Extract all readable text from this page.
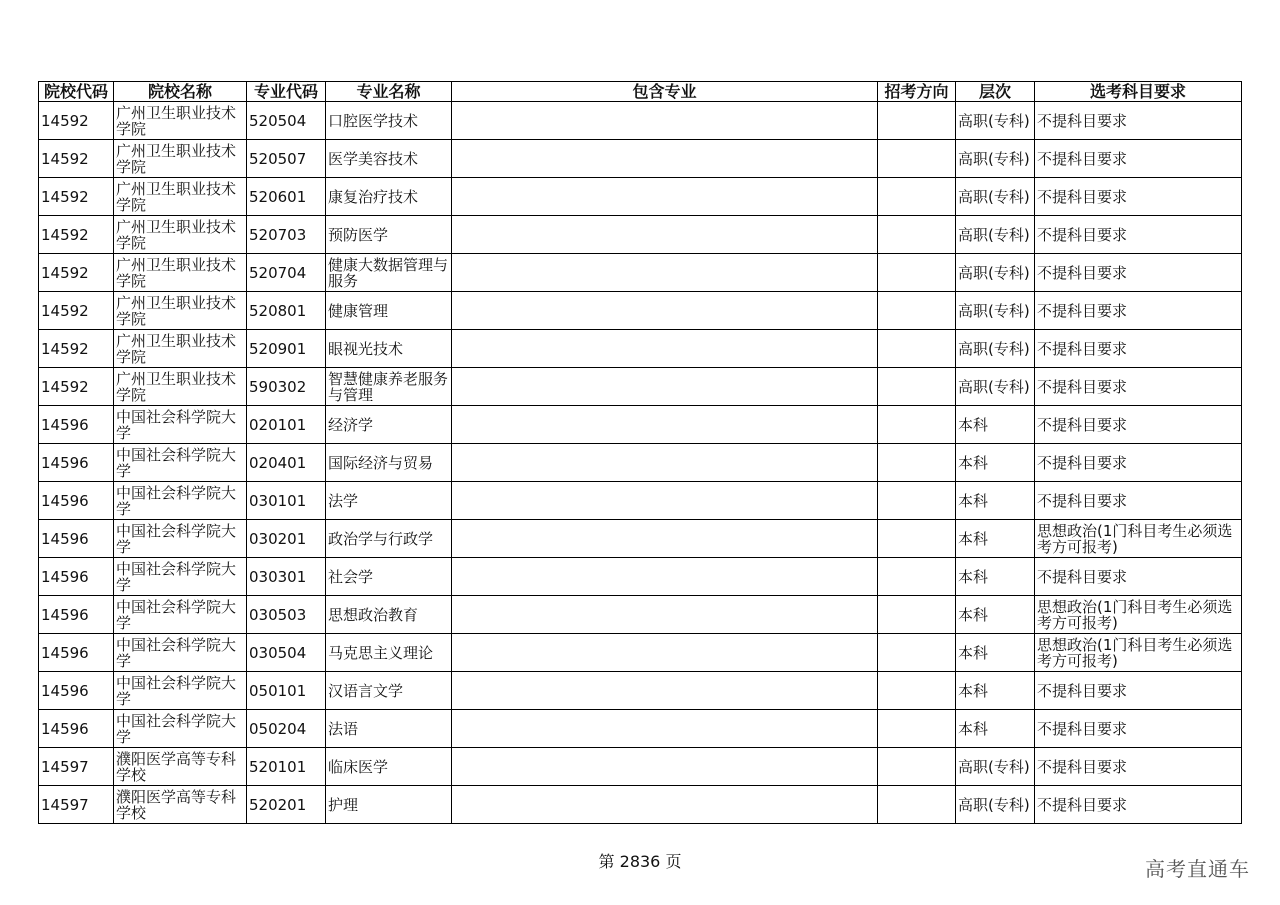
院校代码	院校名称	专业代码	专业名称	包含专业	招考方向	层次	选考科目要求
14592	广州卫生职业技术学院	520504	口腔医学技术			高职(专科)	不提科目要求
14592	广州卫生职业技术学院	520507	医学美容技术			高职(专科)	不提科目要求
14592	广州卫生职业技术学院	520601	康复治疗技术			高职(专科)	不提科目要求
14592	广州卫生职业技术学院	520703	预防医学			高职(专科)	不提科目要求
14592	广州卫生职业技术学院	520704	健康大数据管理与服务			高职(专科)	不提科目要求
14592	广州卫生职业技术学院	520801	健康管理			高职(专科)	不提科目要求
14592	广州卫生职业技术学院	520901	眼视光技术			高职(专科)	不提科目要求
14592	广州卫生职业技术学院	590302	智慧健康养老服务与管理			高职(专科)	不提科目要求
14596	中国社会科学院大学	020101	经济学			本科	不提科目要求
14596	中国社会科学院大学	020401	国际经济与贸易			本科	不提科目要求
14596	中国社会科学院大学	030101	法学			本科	不提科目要求
14596	中国社会科学院大学	030201	政治学与行政学			本科	思想政治(1门科目考生必须选考方可报考)
14596	中国社会科学院大学	030301	社会学			本科	不提科目要求
14596	中国社会科学院大学	030503	思想政治教育			本科	思想政治(1门科目考生必须选考方可报考)
14596	中国社会科学院大学	030504	马克思主义理论			本科	思想政治(1门科目考生必须选考方可报考)
14596	中国社会科学院大学	050101	汉语言文学			本科	不提科目要求
14596	中国社会科学院大学	050204	法语			本科	不提科目要求
14597	濮阳医学高等专科学校	520101	临床医学			高职(专科)	不提科目要求
14597	濮阳医学高等专科学校	520201	护理			高职(专科)	不提科目要求
第 2836 页	高考直通车
